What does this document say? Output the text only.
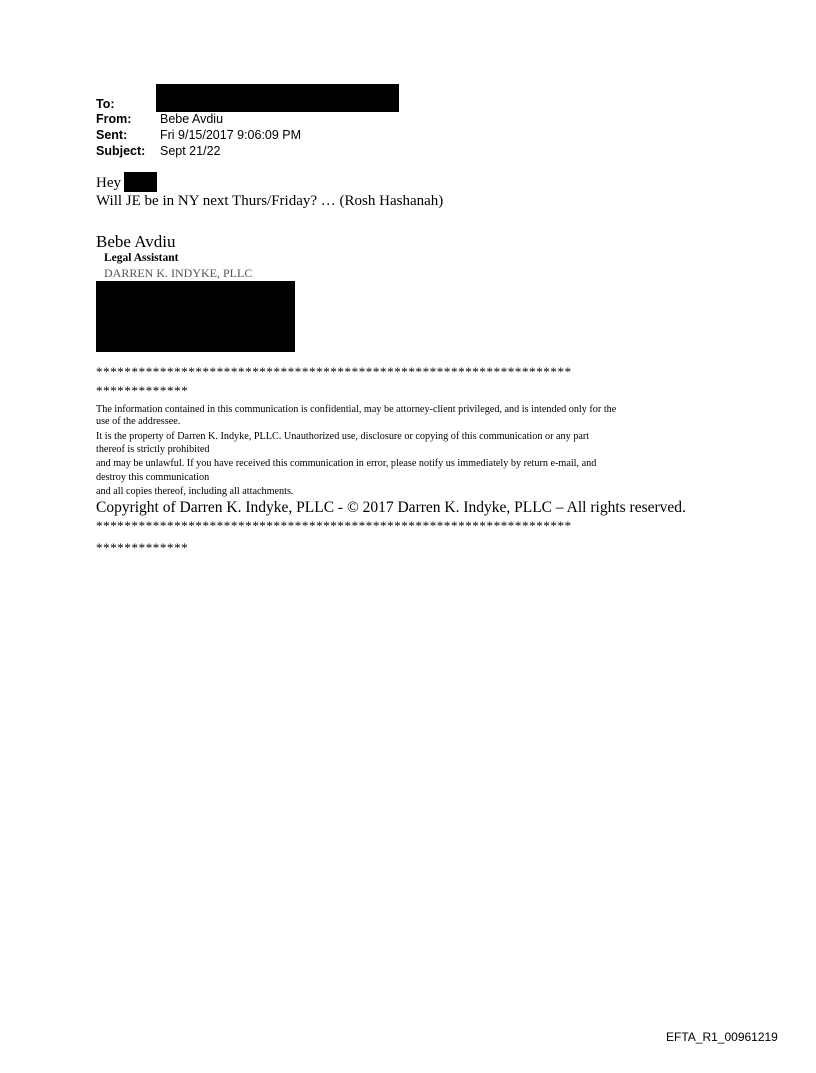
To:
From: Bebe Avdiu
Sent:	Fri 9/15/2017 9:06:09 PM
Subject: Sept 21/22
Hey
Will JE be in NY next Thurs/Friday? … (Rosh Hashanah)
Bebe Avdiu
Legal Assistant
DARREN K. INDYKE, PLLC
*******************************************************************
*************
The information contained in this communication is confidential, may be attorney-client privileged, and is intended only for the
use of the addressee.
It is the property of Darren K. Indyke, PLLC. Unauthorized use, disclosure or copying of this communication or any part
thereof is strictly prohibited
and may be unlawful. If you have received this communication in error, please notify us immediately by return e-mail, and
destroy this communication
and all copies thereof, including all attachments.
Copyright of Darren K. Indyke, PLLC - © 2017 Darren K. Indyke, PLLC – All rights reserved.
*******************************************************************
*************
EFTA_R1_00961219
